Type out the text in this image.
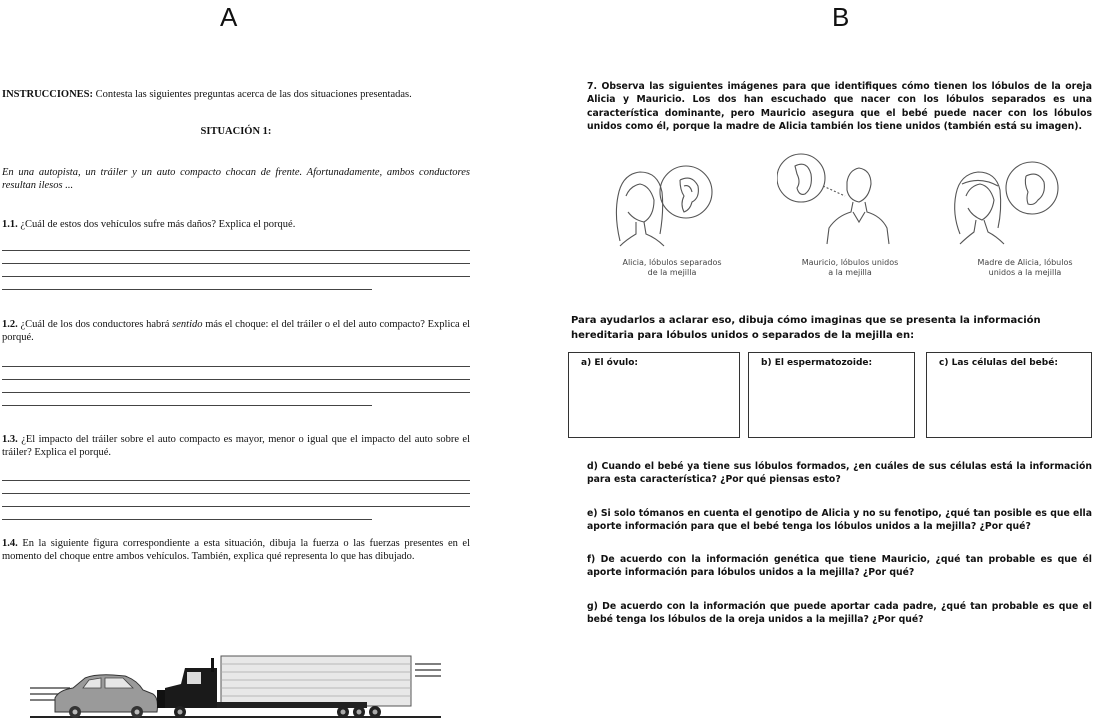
A	B
INSTRUCCIONES: Contesta las siguientes preguntas acerca de las dos situaciones presentadas.
SITUACIÓN 1:
En una autopista, un tráiler y un auto compacto chocan de frente. Afortunadamente, ambos conductores resultan ilesos ...
1.1. ¿Cuál de estos dos vehículos sufre más daños? Explica el porqué.
1.2. ¿Cuál de los dos conductores habrá sentido más el choque: el del tráiler o el del auto compacto? Explica el porqué.
1.3. ¿El impacto del tráiler sobre el auto compacto es mayor, menor o igual que el impacto del auto sobre el tráiler? Explica el porqué.
1.4. En la siguiente figura correspondiente a esta situación, dibuja la fuerza o las fuerzas presentes en el momento del choque entre ambos vehículos. También, explica qué representa lo que has dibujado.
7. Observa las siguientes imágenes para que identifiques cómo tienen los lóbulos de la oreja Alicia y Mauricio. Los dos han escuchado que nacer con los lóbulos separados es una característica dominante, pero Mauricio asegura que el bebé puede nacer con los lóbulos unidos como él, porque la madre de Alicia también los tiene unidos (también está su imagen).
Alicia, lóbulos separados de la mejilla
Mauricio, lóbulos unidos a la mejilla
Madre de Alicia, lóbulos unidos a la mejilla
Para ayudarlos a aclarar eso, dibuja cómo imaginas que se presenta la información hereditaria para lóbulos unidos o separados de la mejilla en:
a) El óvulo:	b) El espermatozoide:	c) Las células del bebé:
d) Cuando el bebé ya tiene sus lóbulos formados, ¿en cuáles de sus células está la información para esta característica? ¿Por qué piensas esto?
e) Si solo tómanos en cuenta el genotipo de Alicia y no su fenotipo, ¿qué tan posible es que ella aporte información para que el bebé tenga los lóbulos unidos a la mejilla? ¿Por qué?
f) De acuerdo con la información genética que tiene Mauricio, ¿qué tan probable es que él aporte información para lóbulos unidos a la mejilla? ¿Por qué?
g) De acuerdo con la información que puede aportar cada padre, ¿qué tan probable es que el bebé tenga los lóbulos de la oreja unidos a la mejilla? ¿Por qué?
